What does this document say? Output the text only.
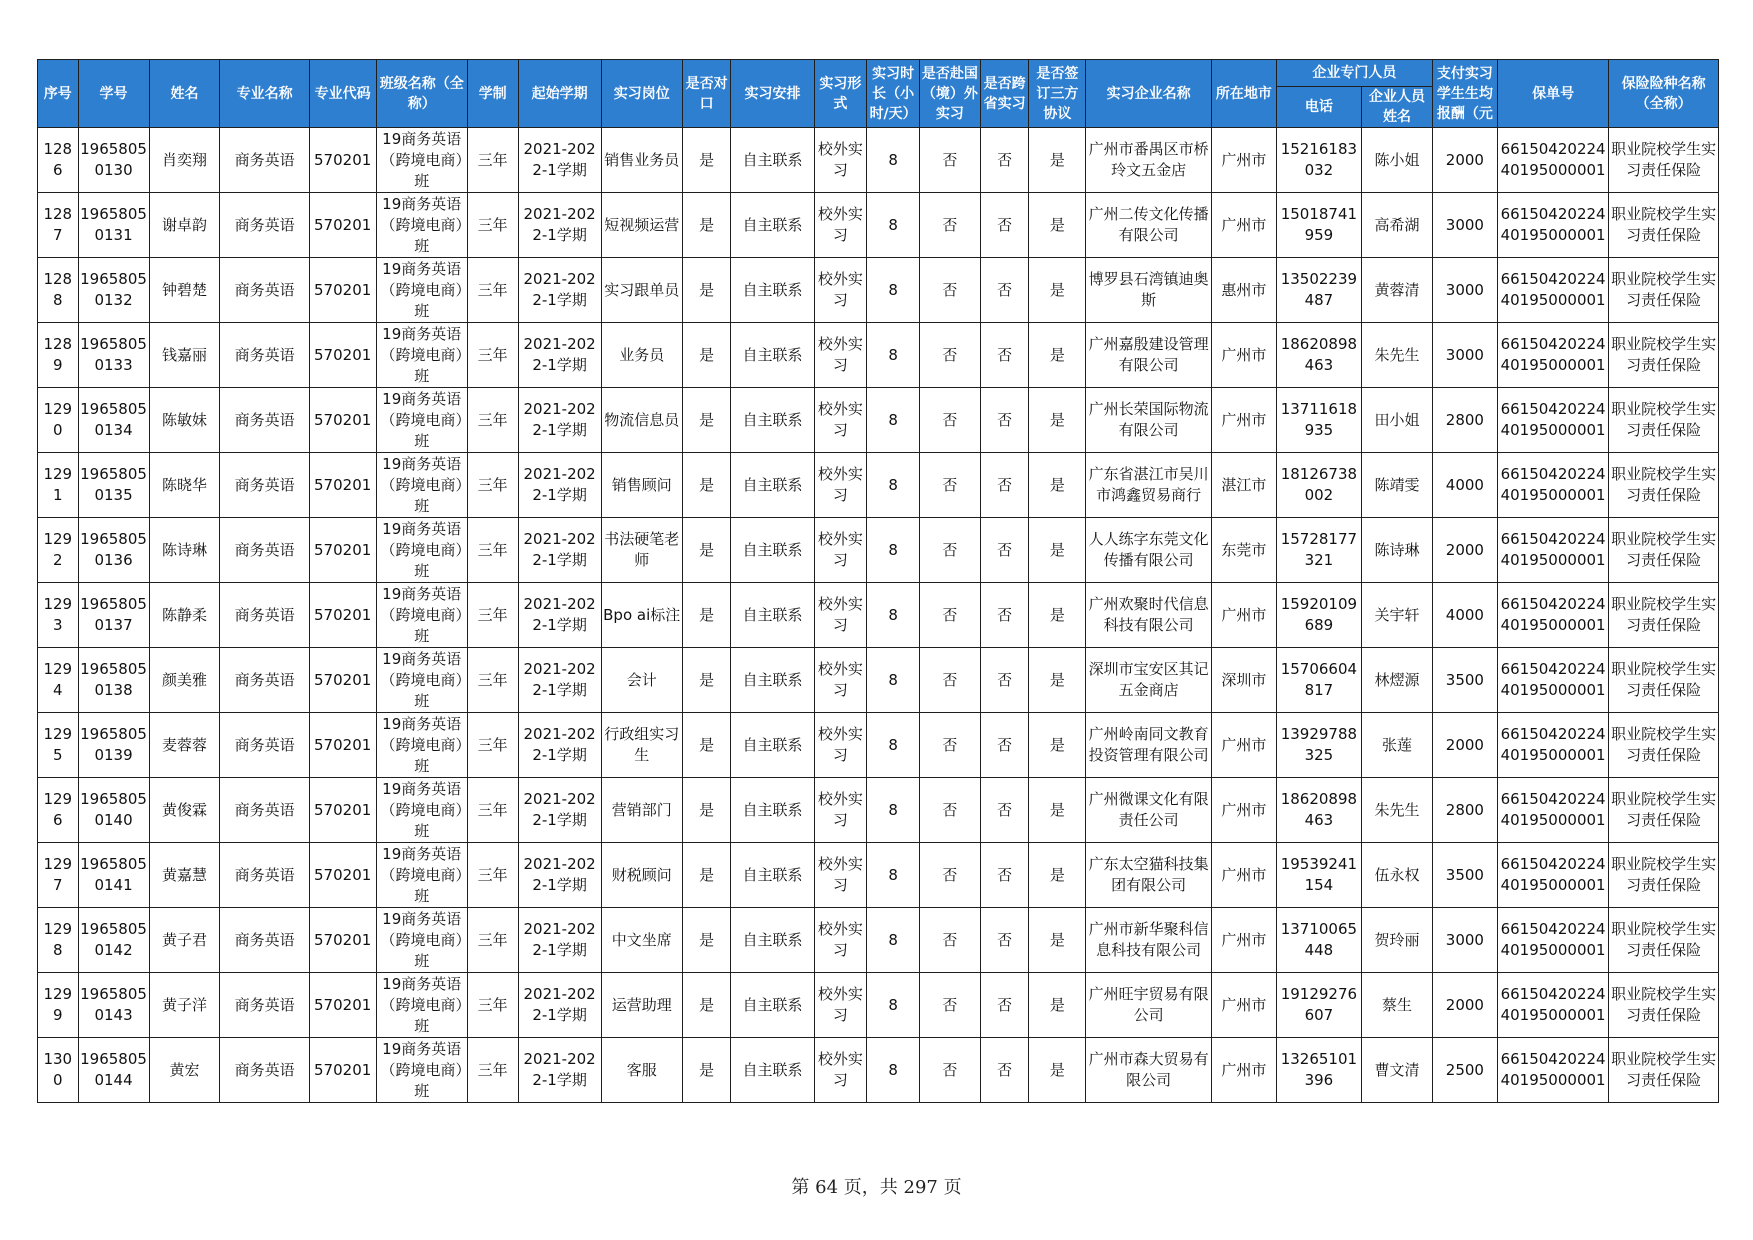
序号	学号	姓名	专业名称	专业代码	班级名称（全称）	学制	起始学期	实习岗位	是否对口	实习安排	实习形式	实习时长（小时/天）	是否赴国（境）外实习	是否跨省实习	是否签订三方协议	实习企业名称	所在地市	企业专门人员		支付实习学生生均报酬（元	保单号	保险险种名称（全称）
																		电话	企业人员姓名			

1286	19658050130	肖奕翔	商务英语	570201	19商务英语（跨境电商）班	三年	2021-2022-1学期	销售业务员	是	自主联系	校外实习	8	否	否	是	广州市番禺区市桥玲文五金店	广州市	15216183032	陈小姐	2000	6615042022440195000001	职业院校学生实习责任保险

1287	19658050131	谢卓韵	商务英语	570201	19商务英语（跨境电商）班	三年	2021-2022-1学期	短视频运营	是	自主联系	校外实习	8	否	否	是	广州二传文化传播有限公司	广州市	15018741959	高希湖	3000	6615042022440195000001	职业院校学生实习责任保险

1288	19658050132	钟碧楚	商务英语	570201	19商务英语（跨境电商）班	三年	2021-2022-1学期	实习跟单员	是	自主联系	校外实习	8	否	否	是	博罗县石湾镇迪奥斯	惠州市	13502239487	黄蓉清	3000	6615042022440195000001	职业院校学生实习责任保险

1289	19658050133	钱嘉丽	商务英语	570201	19商务英语（跨境电商）班	三年	2021-2022-1学期	业务员	是	自主联系	校外实习	8	否	否	是	广州嘉殷建设管理有限公司	广州市	18620898463	朱先生	3000	6615042022440195000001	职业院校学生实习责任保险

1290	19658050134	陈敏妹	商务英语	570201	19商务英语（跨境电商）班	三年	2021-2022-1学期	物流信息员	是	自主联系	校外实习	8	否	否	是	广州长荣国际物流有限公司	广州市	13711618935	田小姐	2800	6615042022440195000001	职业院校学生实习责任保险

1291	19658050135	陈晓华	商务英语	570201	19商务英语（跨境电商）班	三年	2021-2022-1学期	销售顾问	是	自主联系	校外实习	8	否	否	是	广东省湛江市吴川市鸿鑫贸易商行	湛江市	18126738002	陈靖雯	4000	6615042022440195000001	职业院校学生实习责任保险

1292	19658050136	陈诗琳	商务英语	570201	19商务英语（跨境电商）班	三年	2021-2022-1学期	书法硬笔老师	是	自主联系	校外实习	8	否	否	是	人人练字东莞文化传播有限公司	东莞市	15728177321	陈诗琳	2000	6615042022440195000001	职业院校学生实习责任保险

1293	19658050137	陈静柔	商务英语	570201	19商务英语（跨境电商）班	三年	2021-2022-1学期	Bpo ai标注	是	自主联系	校外实习	8	否	否	是	广州欢聚时代信息科技有限公司	广州市	15920109689	关宇轩	4000	6615042022440195000001	职业院校学生实习责任保险

1294	19658050138	颜美雅	商务英语	570201	19商务英语（跨境电商）班	三年	2021-2022-1学期	会计	是	自主联系	校外实习	8	否	否	是	深圳市宝安区其记五金商店	深圳市	15706604817	林熤源	3500	6615042022440195000001	职业院校学生实习责任保险

1295	19658050139	麦蓉蓉	商务英语	570201	19商务英语（跨境电商）班	三年	2021-2022-1学期	行政组实习生	是	自主联系	校外实习	8	否	否	是	广州岭南同文教育投资管理有限公司	广州市	13929788325	张莲	2000	6615042022440195000001	职业院校学生实习责任保险

1296	19658050140	黄俊霖	商务英语	570201	19商务英语（跨境电商）班	三年	2021-2022-1学期	营销部门	是	自主联系	校外实习	8	否	否	是	广州微课文化有限责任公司	广州市	18620898463	朱先生	2800	6615042022440195000001	职业院校学生实习责任保险

1297	19658050141	黄嘉慧	商务英语	570201	19商务英语（跨境电商）班	三年	2021-2022-1学期	财税顾问	是	自主联系	校外实习	8	否	否	是	广东太空猫科技集团有限公司	广州市	19539241154	伍永权	3500	6615042022440195000001	职业院校学生实习责任保险

1298	19658050142	黄子君	商务英语	570201	19商务英语（跨境电商）班	三年	2021-2022-1学期	中文坐席	是	自主联系	校外实习	8	否	否	是	广州市新华聚科信息科技有限公司	广州市	13710065448	贺玲丽	3000	6615042022440195000001	职业院校学生实习责任保险

1299	19658050143	黄子洋	商务英语	570201	19商务英语（跨境电商）班	三年	2021-2022-1学期	运营助理	是	自主联系	校外实习	8	否	否	是	广州旺宇贸易有限公司	广州市	19129276607	蔡生	2000	6615042022440195000001	职业院校学生实习责任保险

1300	19658050144	黄宏	商务英语	570201	19商务英语（跨境电商）班	三年	2021-2022-1学期	客服	是	自主联系	校外实习	8	否	否	是	广州市森大贸易有限公司	广州市	13265101396	曹文清	2500	6615042022440195000001	职业院校学生实习责任保险
第 64 页，共 297 页
